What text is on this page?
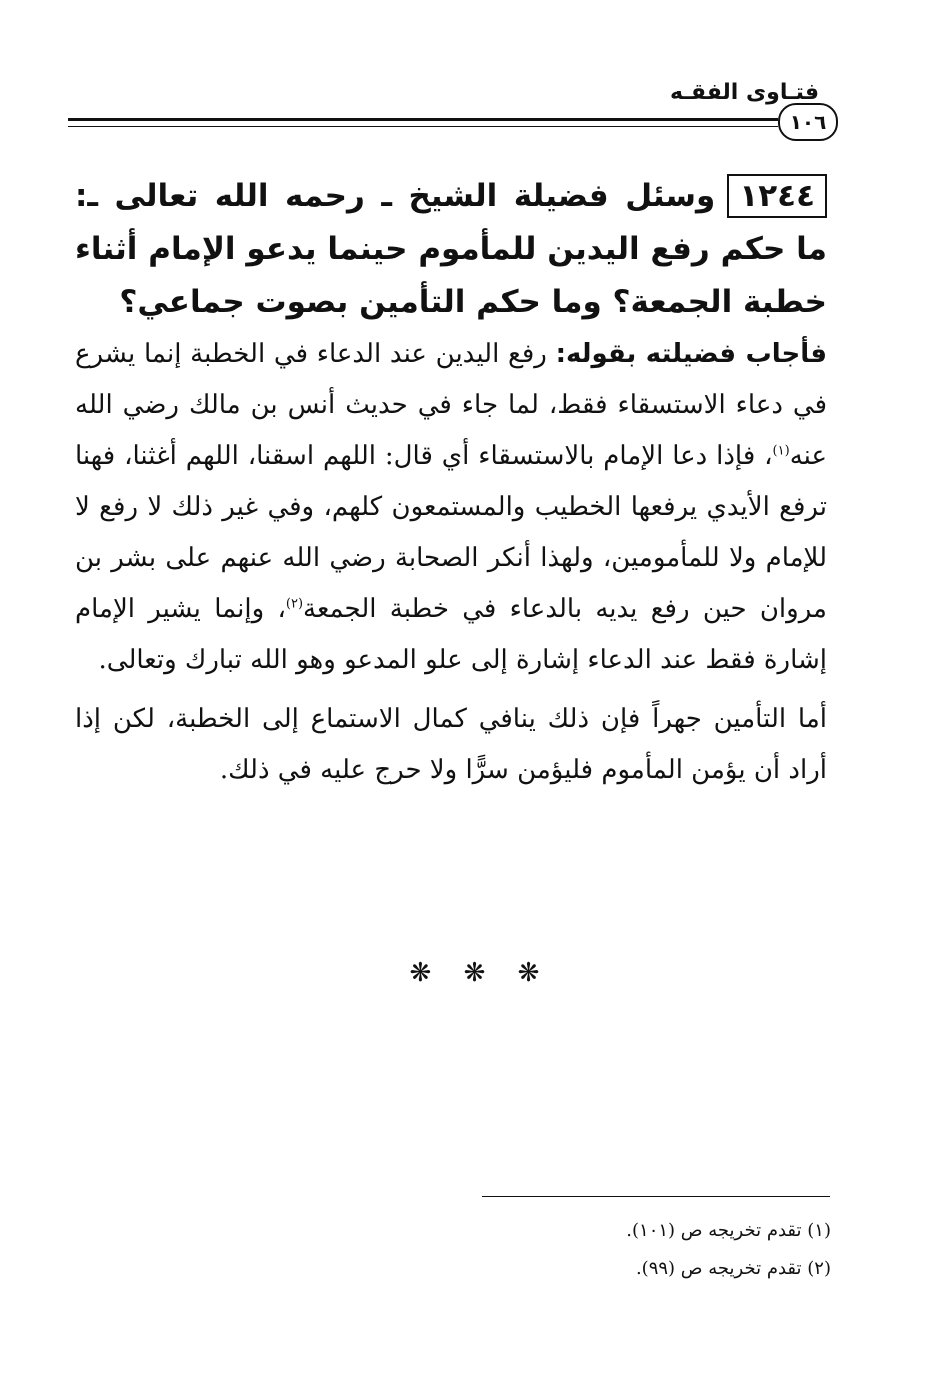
فتـاوى الفقـه
١٠٦

١٢٤٤وسئل فضيلة الشيخ ـ رحمه الله تعالى ـ: ما حكم رفع اليدين للمأموم حينما يدعو الإمام أثناء خطبة الجمعة؟ وما حكم التأمين بصوت جماعي؟

فأجاب فضيلته بقوله: رفع اليدين عند الدعاء في الخطبة إنما يشرع في دعاء الاستسقاء فقط، لما جاء في حديث أنس بن مالك رضي الله عنه$^{(١)}$، فإذا دعا الإمام بالاستسقاء أي قال: اللهم اسقنا، اللهم أغثنا، فهنا ترفع الأيدي يرفعها الخطيب والمستمعون كلهم، وفي غير ذلك لا رفع لا للإمام ولا للمأمومين، ولهذا أنكر الصحابة رضي الله عنهم على بشر بن مروان حين رفع يديه بالدعاء في خطبة الجمعة$^{(٢)}$، وإنما يشير الإمام إشارة فقط عند الدعاء إشارة إلى علو المدعو وهو الله تبارك وتعالى.

أما التأمين جهراً فإن ذلك ينافي كمال الاستماع إلى الخطبة، لكن إذا أراد أن يؤمن المأموم فليؤمن سرًّا ولا حرج عليه في ذلك.

❋ ❋ ❋
(١) تقدم تخريجه ص (١٠١).
(٢) تقدم تخريجه ص (٩٩).
